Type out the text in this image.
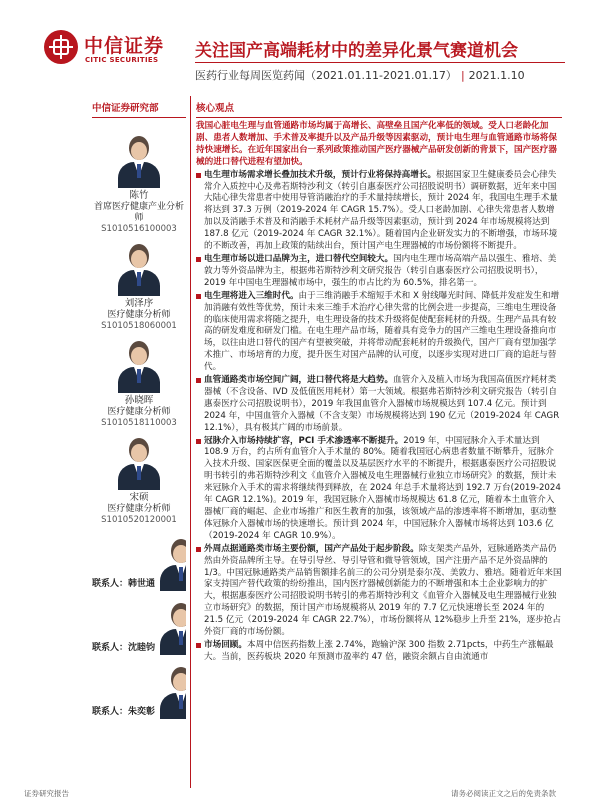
中信证券
CITIC SECURITIES 关注国产高端耗材中的差异化景气赛道机会
医药行业每周医览药闻（2021.01.11-2021.01.17） | 2021.1.10
中信证券研究部
陈竹
首席医疗健康产业分析师
S1010516100003
刘泽序
医疗健康分析师
S1010518060001
孙晓晖
医疗健康分析师
S1010518110003
宋硕
医疗健康分析师
S1010520120001
联系人：韩世通
联系人：沈睦钧
联系人：朱奕彰
核心观点

我国心脏电生理与血管通路市场均属于高增长、高壁垒且国产化率低的领域。受人口老龄化加剧、患者人数增加、手术普及率提升以及产品升级等因素驱动，预计电生理与血管通路市场将保持快速增长。在近年国家出台一系列政策推动国产医疗器械产品研发创新的背景下，国产医疗器械的进口替代进程有望加快。

电生理市场需求增长叠加技术升级，预计行业将保持高增长。根据国家卫生健康委员会心律失常介入质控中心及弗若斯特沙利文（转引自惠泰医疗公司招股说明书）调研数据，近年来中国大陆心律失常患者中使用导管消融治疗的手术量持续增长，预计 2024 年，我国电生理手术量将达到 37.3 万例（2019-2024 年 CAGR 15.7%）。受人口老龄加剧、心律失常患者人数增加以及消融手术普及和消融手术耗材产品升级等因素驱动，预计到 2024 年市场规模将达到 187.8 亿元（2019-2024 年 CAGR 32.1%）。随着国内企业研发实力的不断增强，市场环境的不断改善，再加上政策的陆续出台，预计国产电生理器械的市场份额将不断提升。

电生理市场以进口品牌为主，进口替代空间较大。国内电生理市场高端产品以强生、雅培、美敦力等外资品牌为主，根据弗若斯特沙利文研究报告（转引自惠泰医疗公司招股说明书），2019 年中国电生理器械市场中，强生的市占比约为 60.5%，排名第一。

电生理将进入三维时代。由于三维消融手术缩短手术和 X 射线曝光时间、降低并发症发生和增加消融有效性等优势，预计未来三维手术治疗心律失常的比例会进一步提高，三维电生理设备的临床使用需求将随之提升，电生理设备的技术升级将促使配套耗材的升级。生理产品具有较高的研发难度和研发门槛。在电生理产品市场，随着具有竞争力的国产三维电生理设备推向市场，以往由进口替代的国产有望被突破，并将带动配套耗材的升级换代，国产厂商有望加强学术推广、市场培育的力度，提升医生对国产品牌的认可度，以逐步实现对进口厂商的追赶与替代。

血管通路类市场空间广阔，进口替代将是大趋势。血管介入及植入市场为我国高值医疗耗材类器械（不含设备、IVD 及低值医用耗材）第一大领域。根据弗若斯特沙利文研究报告（转引自惠泰医疗公司招股说明书），2019 年我国血管介入器械市场规模达到 107.4 亿元。预计到 2024 年，中国血管介入器械（不含支架）市场规模将达到 190 亿元（2019-2024 年 CAGR 12.1%），具有极其广阔的市场前景。

冠脉介入市场持续扩容，PCI 手术渗透率不断提升。2019 年，中国冠脉介入手术量达到 108.9 万台，约占所有血管介入手术量的 80%。随着我国冠心病患者数量不断攀升，冠脉介入技术升级、国家医保更全面的覆盖以及基层医疗水平的不断提升，根据惠泰医疗公司招股说明书转引的弗若斯特沙利文《血管介入器械及电生理器械行业独立市场研究》的数据，预计未来冠脉介入手术的需求将继续得到释放，在 2024 年总手术量将达到 192.7 万台(2019-2024 年 CAGR 12.1%)。2019 年，我国冠脉介入器械市场规模达 61.8 亿元，随着本土血管介入器械厂商的崛起、企业市场推广和医生教育的加强，该领域产品的渗透率将不断增加，驱动整体冠脉介入器械市场的快速增长。预计到 2024 年，中国冠脉介入器械市场将达到 103.6 亿（2019-2024 年 CAGR 10.9%）。

外周点据通路类市场主要份额，国产产品处于起步阶段。除支架类产品外，冠脉通路类产品仍然由外资品牌所主导。在导引导丝、导引导管和微导管领域，国产注册产品不足外资品牌的 1/3。中国冠脉通路类产品销售额排名前三的公司分别是泰尔茂、美敦力、雅培。随着近年来国家支持国产替代政策的纷纷推出，国内医疗器械创新能力的不断增强和本土企业影响力的扩大，根据惠泰医疗公司招股说明书转引的弗若斯特沙利文《血管介入器械及电生理器械行业独立市场研究》的数据，预计国产市场规模将从 2019 年的 7.7 亿元快速增长至 2024 年的 21.5 亿元（2019-2024 年 CAGR 22.7%），市场份额将从 12%稳步上升至 21%，逐步抢占外资厂商的市场份额。

市场回顾。本周中信医药指数上涨 2.74%，跑输沪深 300 指数 2.71pcts，中药生产涨幅最大。当前，医药板块 2020 年预测市盈率约 47 倍，融资余额占自由流通市

证券研究报告	请务必阅读正文之后的免责条款
